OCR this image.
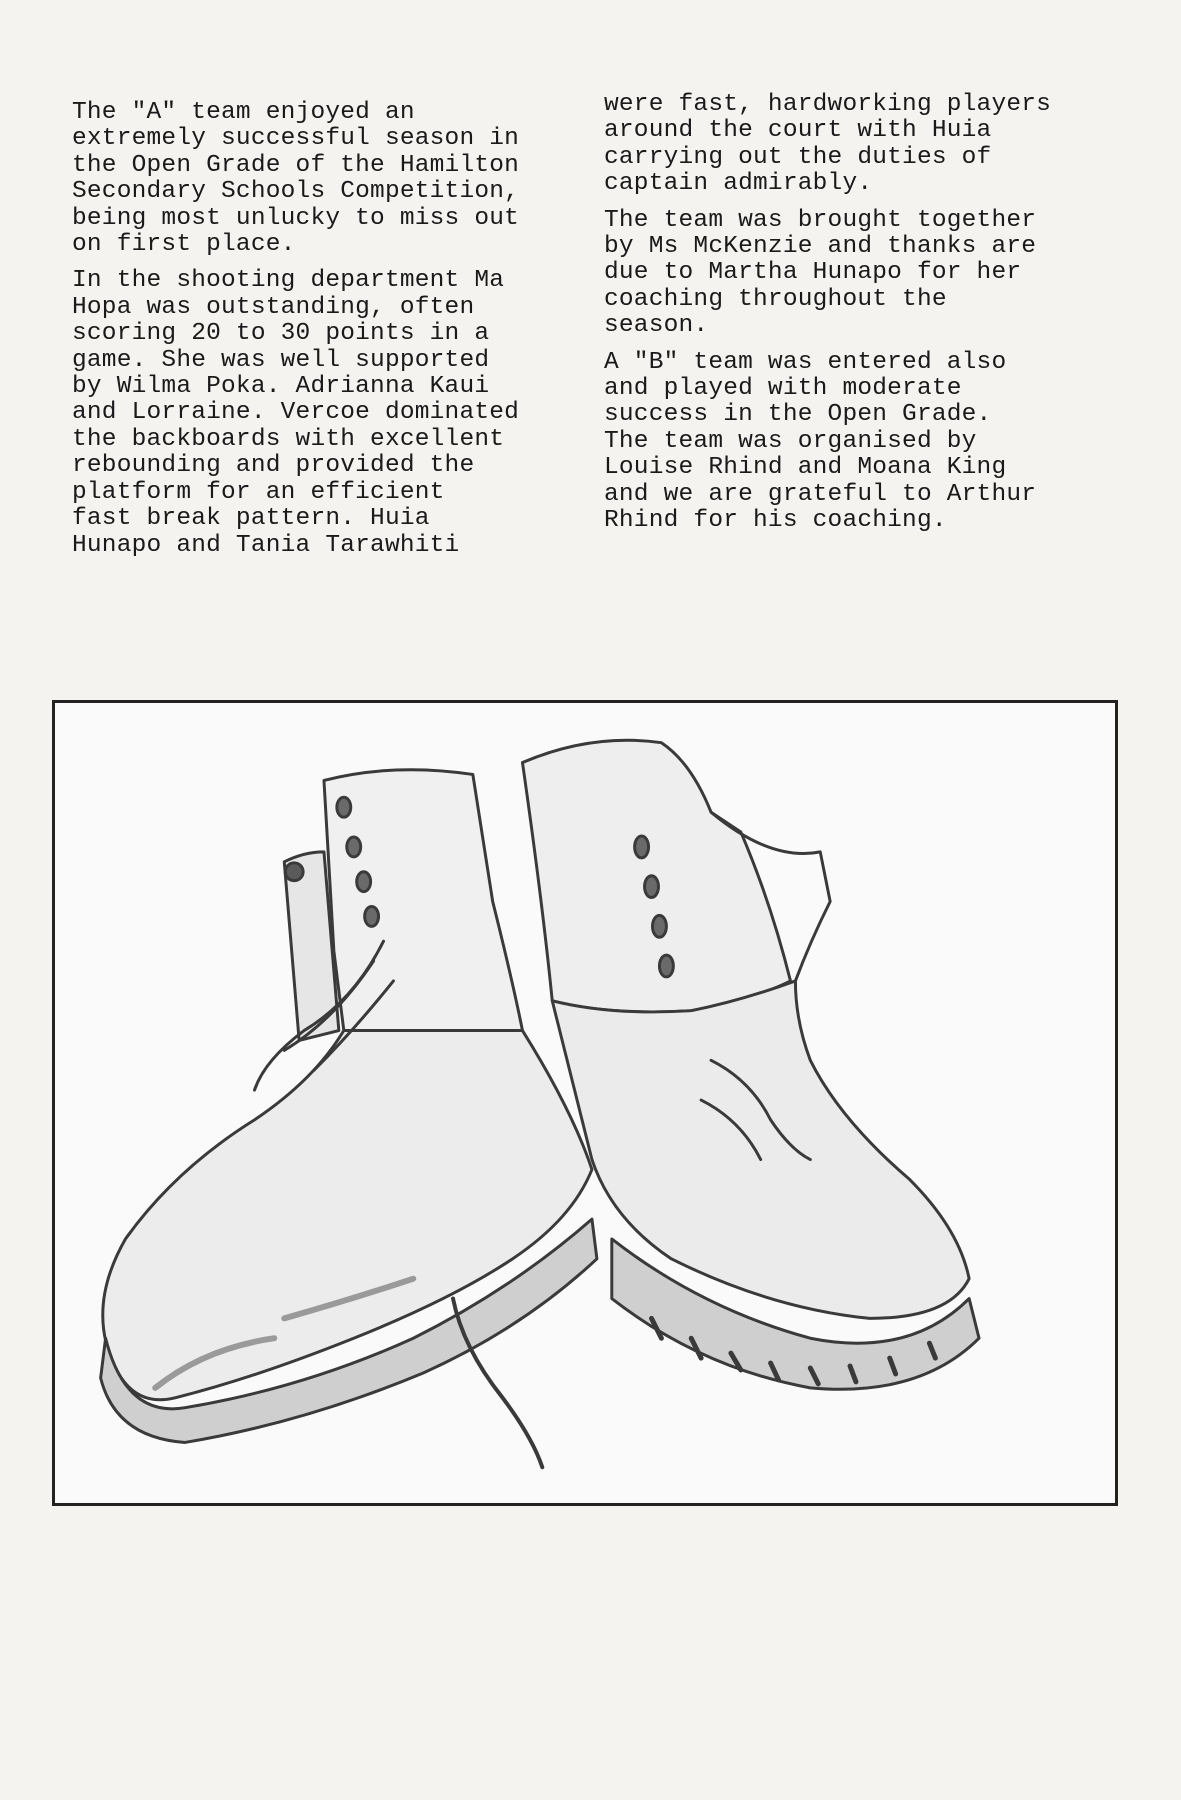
The "A" team enjoyed an
extremely successful season in
the Open Grade of the Hamilton
Secondary Schools Competition,
being most unlucky to miss out
on first place.

In the shooting department Ma
Hopa was outstanding, often
scoring 20 to 30 points in a
game. She was well supported
by Wilma Poka. Adrianna Kaui
and Lorraine. Vercoe dominated
the backboards with excellent
rebounding and provided the
platform for an efficient
fast break pattern. Huia
Hunapo and Tania Tarawhiti

were fast, hardworking players
around the court with Huia
carrying out the duties of
captain admirably.

The team was brought together
by Ms McKenzie and thanks are
due to Martha Hunapo for her
coaching throughout the
season.

A "B" team was entered also
and played with moderate
success in the Open Grade.
The team was organised by
Louise Rhind and Moana King
and we are grateful to Arthur
Rhind for his coaching.
